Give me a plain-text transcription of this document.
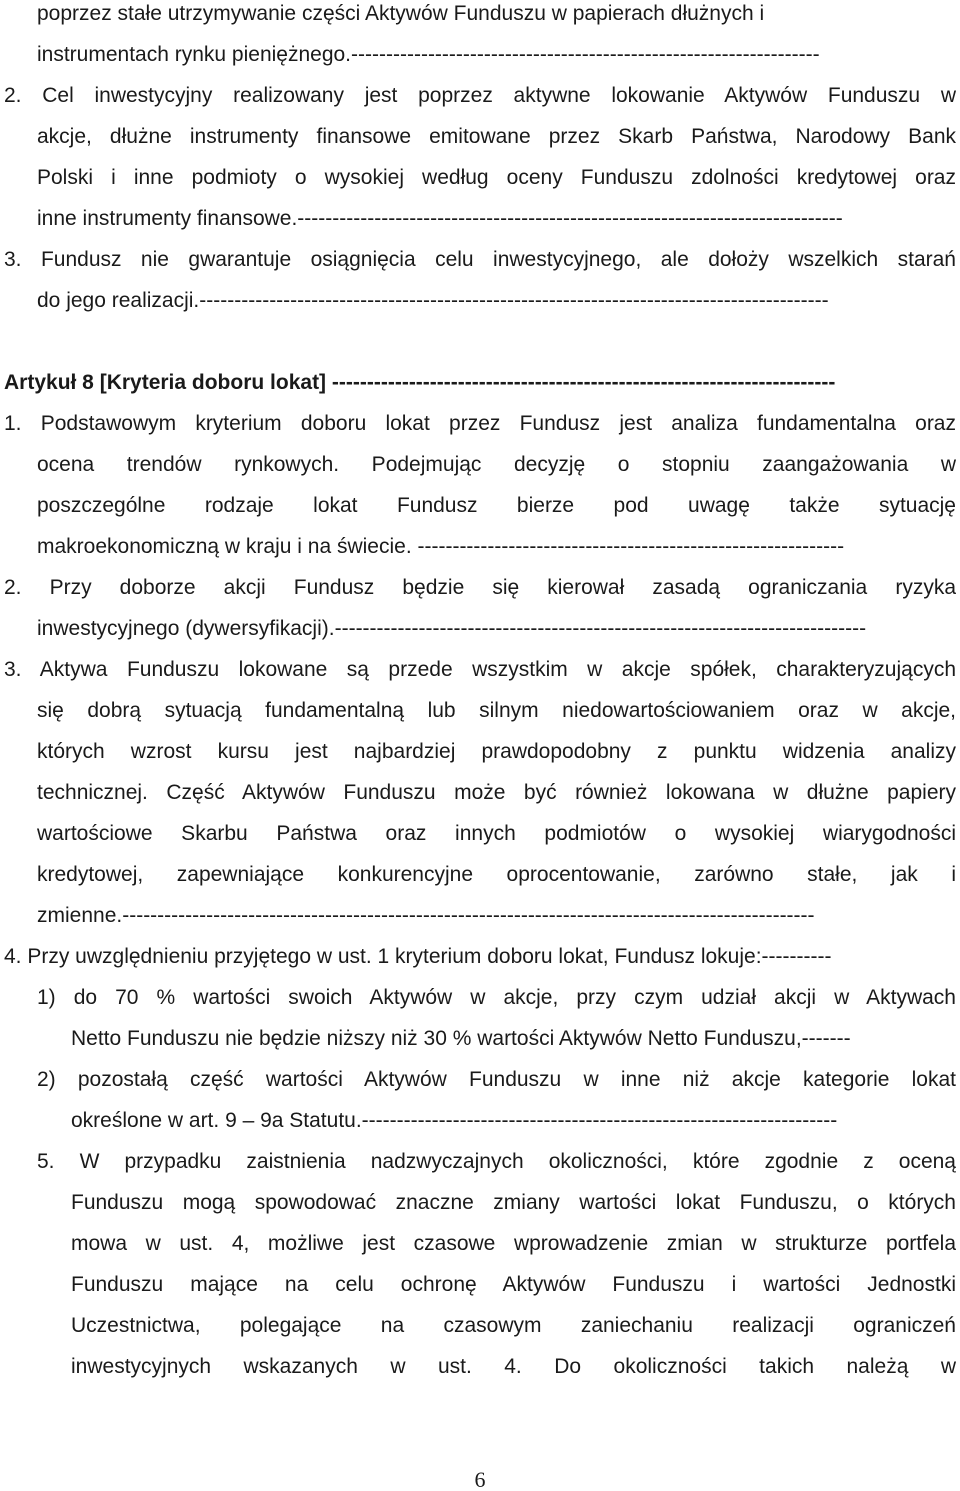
poprzez stałe utrzymywanie części Aktywów Funduszu w papierach dłużnych i
instrumentach rynku pieniężnego.-------------------------------------------------------------------
2. Cel inwestycyjny realizowany jest poprzez aktywne lokowanie Aktywów Funduszu w
akcje, dłużne instrumenty finansowe emitowane przez Skarb Państwa, Narodowy Bank
Polski i inne podmioty o wysokiej według oceny Funduszu zdolności kredytowej oraz
inne instrumenty finansowe.------------------------------------------------------------------------------
3. Fundusz nie gwarantuje osiągnięcia celu inwestycyjnego, ale dołoży wszelkich starań
do jego realizacji.------------------------------------------------------------------------------------------
Artykuł 8 [Kryteria doboru lokat] ------------------------------------------------------------------------
1. Podstawowym kryterium doboru lokat przez Fundusz jest analiza fundamentalna oraz
ocena trendów rynkowych. Podejmując decyzję o stopniu zaangażowania w
poszczególne rodzaje lokat Fundusz bierze pod uwagę także sytuację
makroekonomiczną w kraju i na świecie. -------------------------------------------------------------
2. Przy doborze akcji Fundusz będzie się kierował zasadą ograniczania ryzyka
inwestycyjnego (dywersyfikacji).----------------------------------------------------------------------------
3. Aktywa Funduszu lokowane są przede wszystkim w akcje spółek, charakteryzujących
się dobrą sytuacją fundamentalną lub silnym niedowartościowaniem oraz w akcje,
których wzrost kursu jest najbardziej prawdopodobny z punktu widzenia analizy
technicznej. Część Aktywów Funduszu może być również lokowana w dłużne papiery
wartościowe Skarbu Państwa oraz innych podmiotów o wysokiej wiarygodności
kredytowej, zapewniające konkurencyjne oprocentowanie, zarówno stałe, jak i
zmienne.---------------------------------------------------------------------------------------------------
4. Przy uwzględnieniu przyjętego w ust. 1 kryterium doboru lokat, Fundusz lokuje:----------
1) do 70 % wartości swoich Aktywów w akcje, przy czym udział akcji w Aktywach
Netto Funduszu nie będzie niższy niż 30 % wartości Aktywów Netto Funduszu,-------
2) pozostałą część wartości Aktywów Funduszu w inne niż akcje kategorie lokat
określone w art. 9 – 9a Statutu.--------------------------------------------------------------------
5. W przypadku zaistnienia nadzwyczajnych okoliczności, które zgodnie z oceną
Funduszu mogą spowodować znaczne zmiany wartości lokat Funduszu, o których
mowa w ust. 4, możliwe jest czasowe wprowadzenie zmian w strukturze portfela
Funduszu mające na celu ochronę Aktywów Funduszu i wartości Jednostki
Uczestnictwa, polegające na czasowym zaniechaniu realizacji ograniczeń
inwestycyjnych wskazanych w ust. 4. Do okoliczności takich należą w
6
